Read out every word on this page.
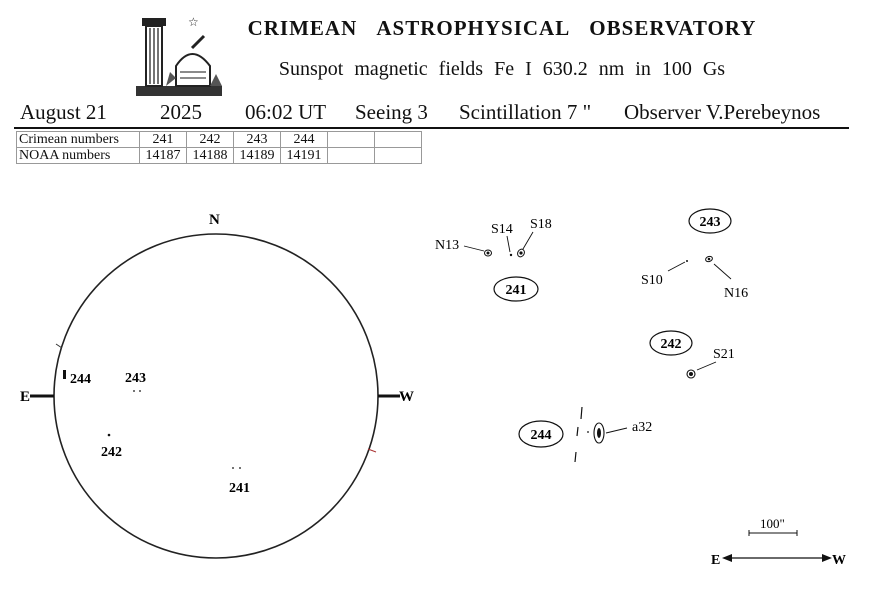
☆	CRIMEAN ASTROPHYSICAL OBSERVATORY
Sunspot magnetic fields Fe I 630.2 nm in 100 Gs
August 21	2025 06:02 UT Seeing 3 Scintillation 7 " Observer V.Perebeynos
Crimean numbers	241	242	243	244		
NOAA numbers	14187	14188	14189	14191		
N
E	W
244 243
242
241
N13
S14 S18
241
243
S10
N16
242
S21
244
a32
100"
E	W
